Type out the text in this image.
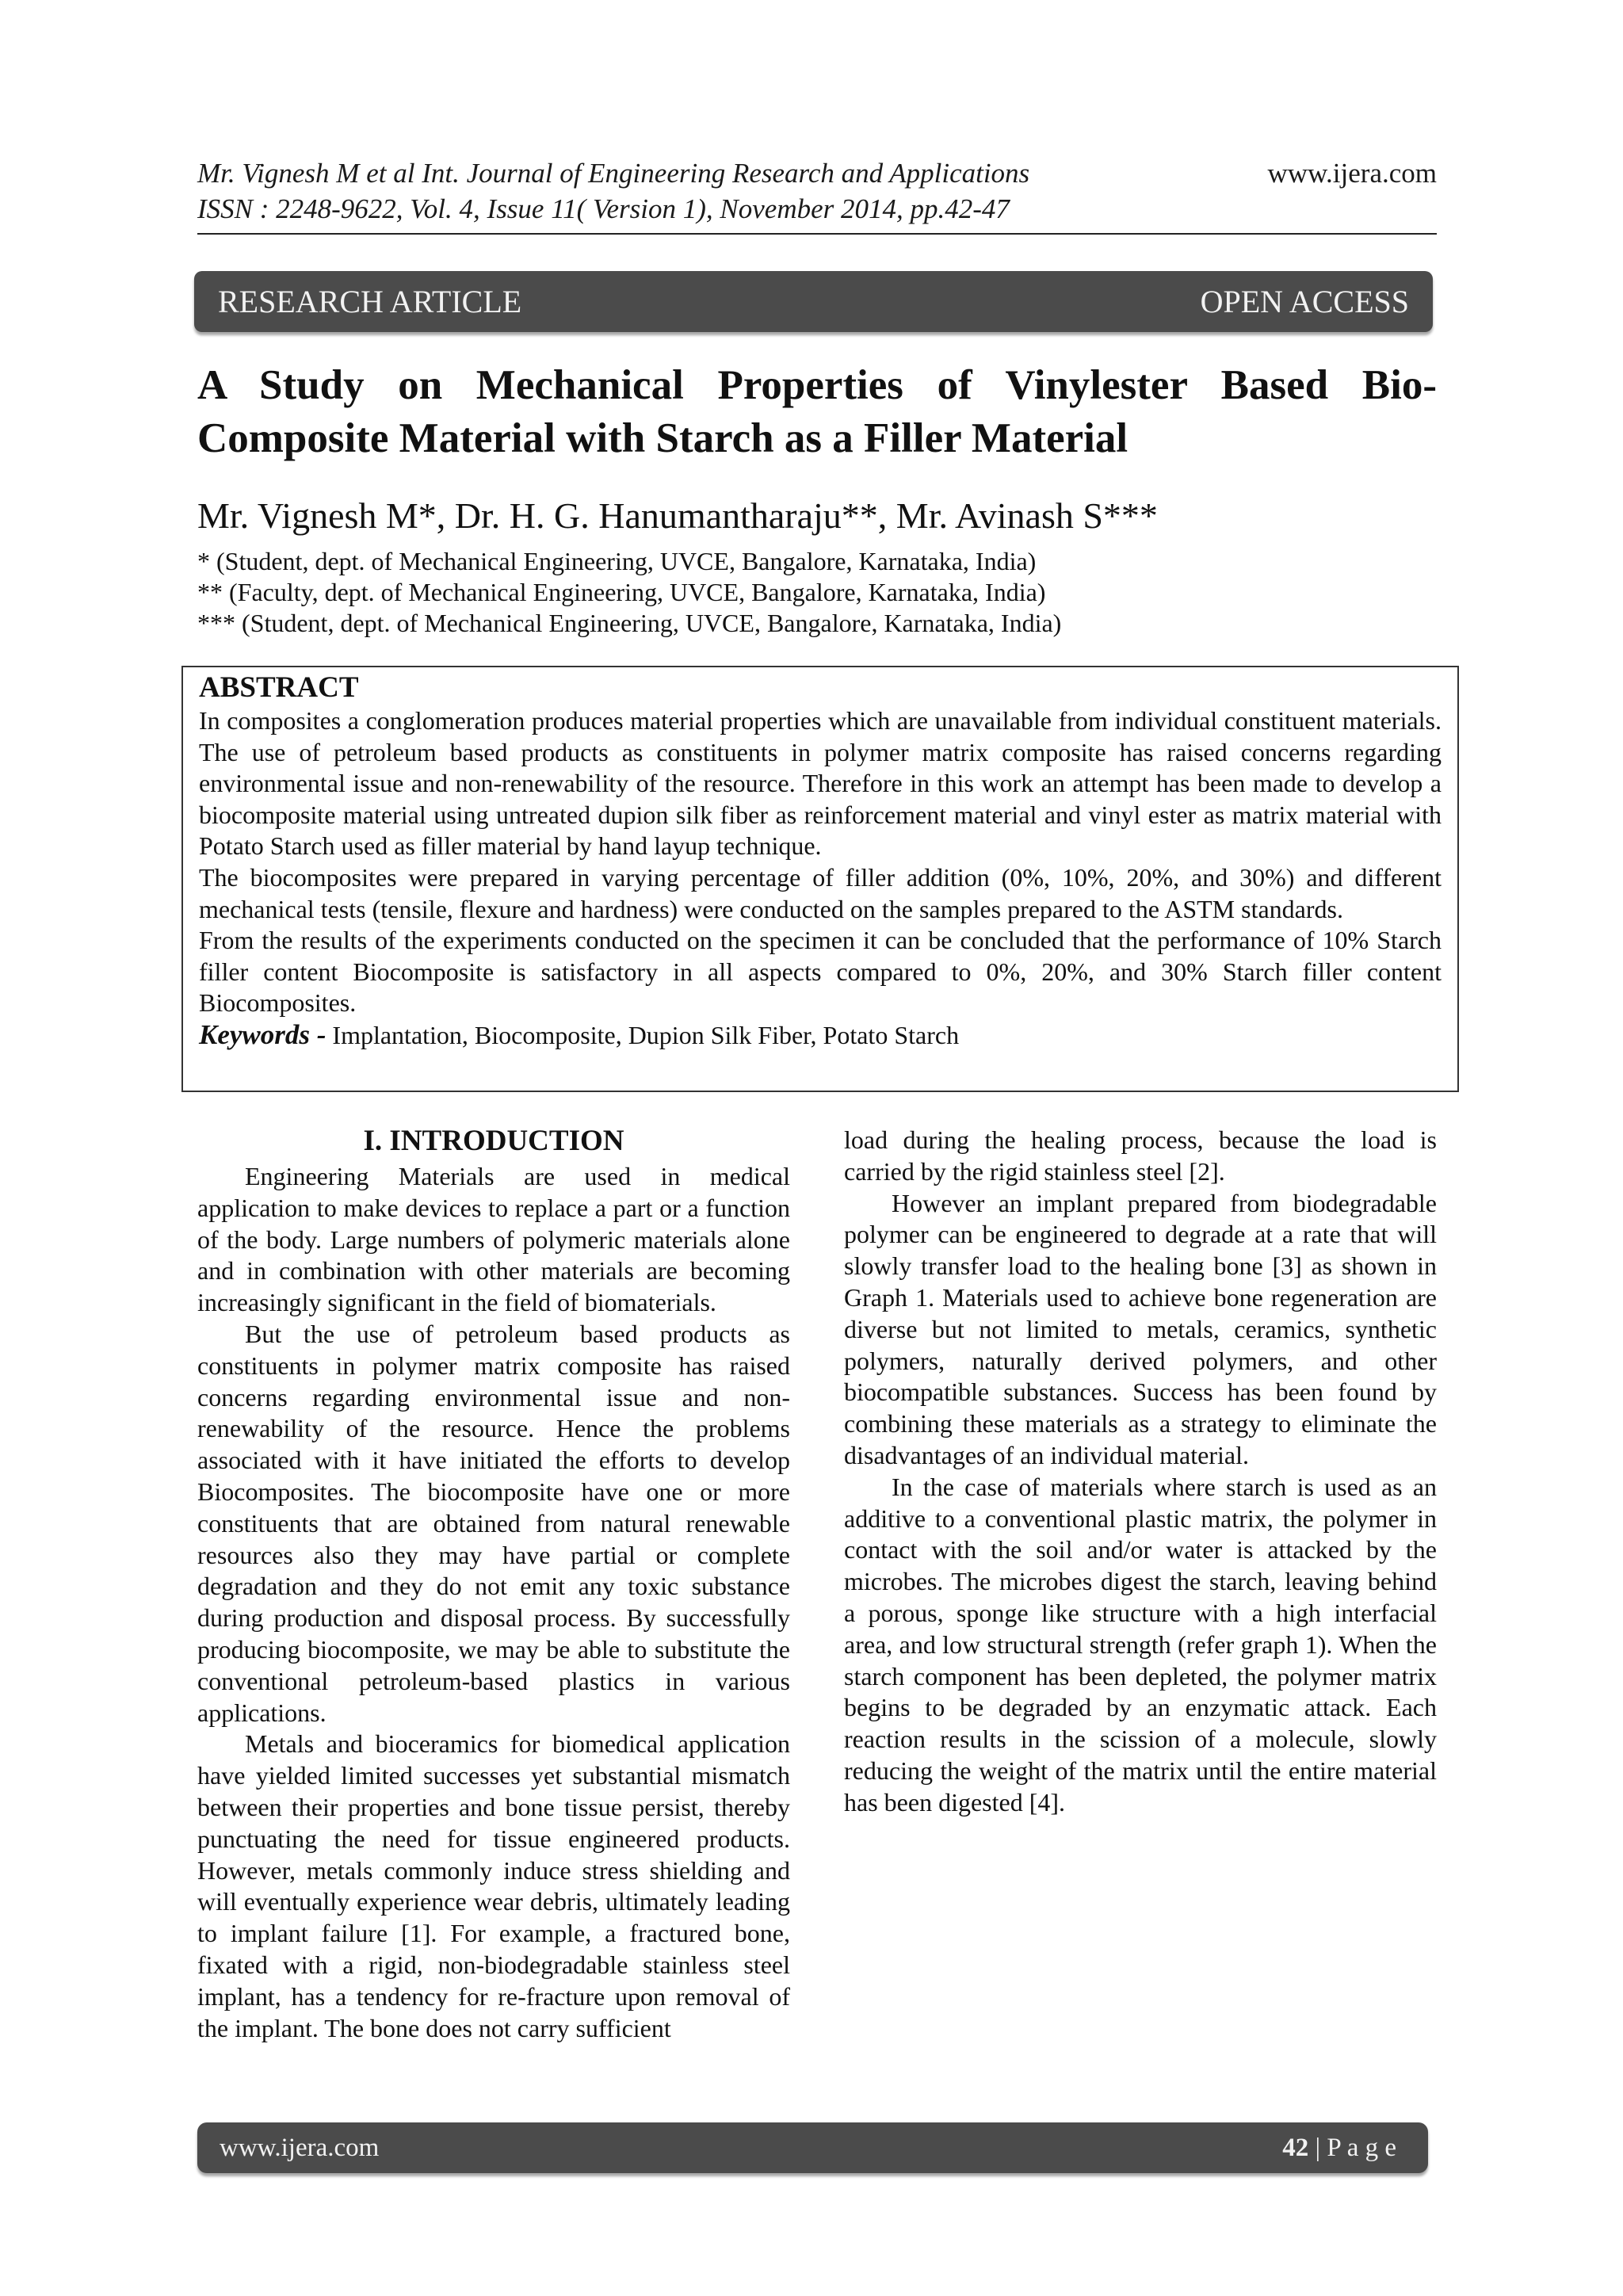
Mr. Vignesh M et al Int. Journal of Engineering Research and Applications
ISSN : 2248-9622, Vol. 4, Issue 11( Version 1), November 2014, pp.42-47
www.ijera.com
RESEARCH ARTICLE	OPEN ACCESS
A Study on Mechanical Properties of Vinylester Based Bio-Composite Material with Starch as a Filler Material
Mr. Vignesh M*, Dr. H. G. Hanumantharaju**, Mr. Avinash S***
* (Student, dept. of Mechanical Engineering, UVCE, Bangalore, Karnataka, India)
** (Faculty, dept. of Mechanical Engineering, UVCE, Bangalore, Karnataka, India)
*** (Student, dept. of Mechanical Engineering, UVCE, Bangalore, Karnataka, India)
ABSTRACT

In composites a conglomeration produces material properties which are unavailable from individual constituent materials. The use of petroleum based products as constituents in polymer matrix composite has raised concerns regarding environmental issue and non-renewability of the resource. Therefore in this work an attempt has been made to develop a biocomposite material using untreated dupion silk fiber as reinforcement material and vinyl ester as matrix material with Potato Starch used as filler material by hand layup technique.

The biocomposites were prepared in varying percentage of filler addition (0%, 10%, 20%, and 30%) and different mechanical tests (tensile, flexure and hardness) were conducted on the samples prepared to the ASTM standards.

From the results of the experiments conducted on the specimen it can be concluded that the performance of 10% Starch filler content Biocomposite is satisfactory in all aspects compared to 0%, 20%, and 30% Starch filler content Biocomposites.

Keywords - Implantation, Biocomposite, Dupion Silk Fiber, Potato Starch

I. INTRODUCTION

Engineering Materials are used in medical application to make devices to replace a part or a function of the body. Large numbers of polymeric materials alone and in combination with other materials are becoming increasingly significant in the field of biomaterials.

But the use of petroleum based products as constituents in polymer matrix composite has raised concerns regarding environmental issue and non-renewability of the resource. Hence the problems associated with it have initiated the efforts to develop Biocomposites. The biocomposite have one or more constituents that are obtained from natural renewable resources also they may have partial or complete degradation and they do not emit any toxic substance during production and disposal process. By successfully producing biocomposite, we may be able to substitute the conventional petroleum-based plastics in various applications.

Metals and bioceramics for biomedical application have yielded limited successes yet substantial mismatch between their properties and bone tissue persist, thereby punctuating the need for tissue engineered products. However, metals commonly induce stress shielding and will eventually experience wear debris, ultimately leading to implant failure [1]. For example, a fractured bone, fixated with a rigid, non-biodegradable stainless steel implant, has a tendency for re-fracture upon removal of the implant. The bone does not carry sufficient

load during the healing process, because the load is carried by the rigid stainless steel [2].

However an implant prepared from biodegradable polymer can be engineered to degrade at a rate that will slowly transfer load to the healing bone [3] as shown in Graph 1. Materials used to achieve bone regeneration are diverse but not limited to metals, ceramics, synthetic polymers, naturally derived polymers, and other biocompatible substances. Success has been found by combining these materials as a strategy to eliminate the disadvantages of an individual material.

In the case of materials where starch is used as an additive to a conventional plastic matrix, the polymer in contact with the soil and/or water is attacked by the microbes. The microbes digest the starch, leaving behind a porous, sponge like structure with a high interfacial area, and low structural strength (refer graph 1). When the starch component has been depleted, the polymer matrix begins to be degraded by an enzymatic attack. Each reaction results in the scission of a molecule, slowly reducing the weight of the matrix until the entire material has been digested [4].

www.ijera.com	42 | P a g e
